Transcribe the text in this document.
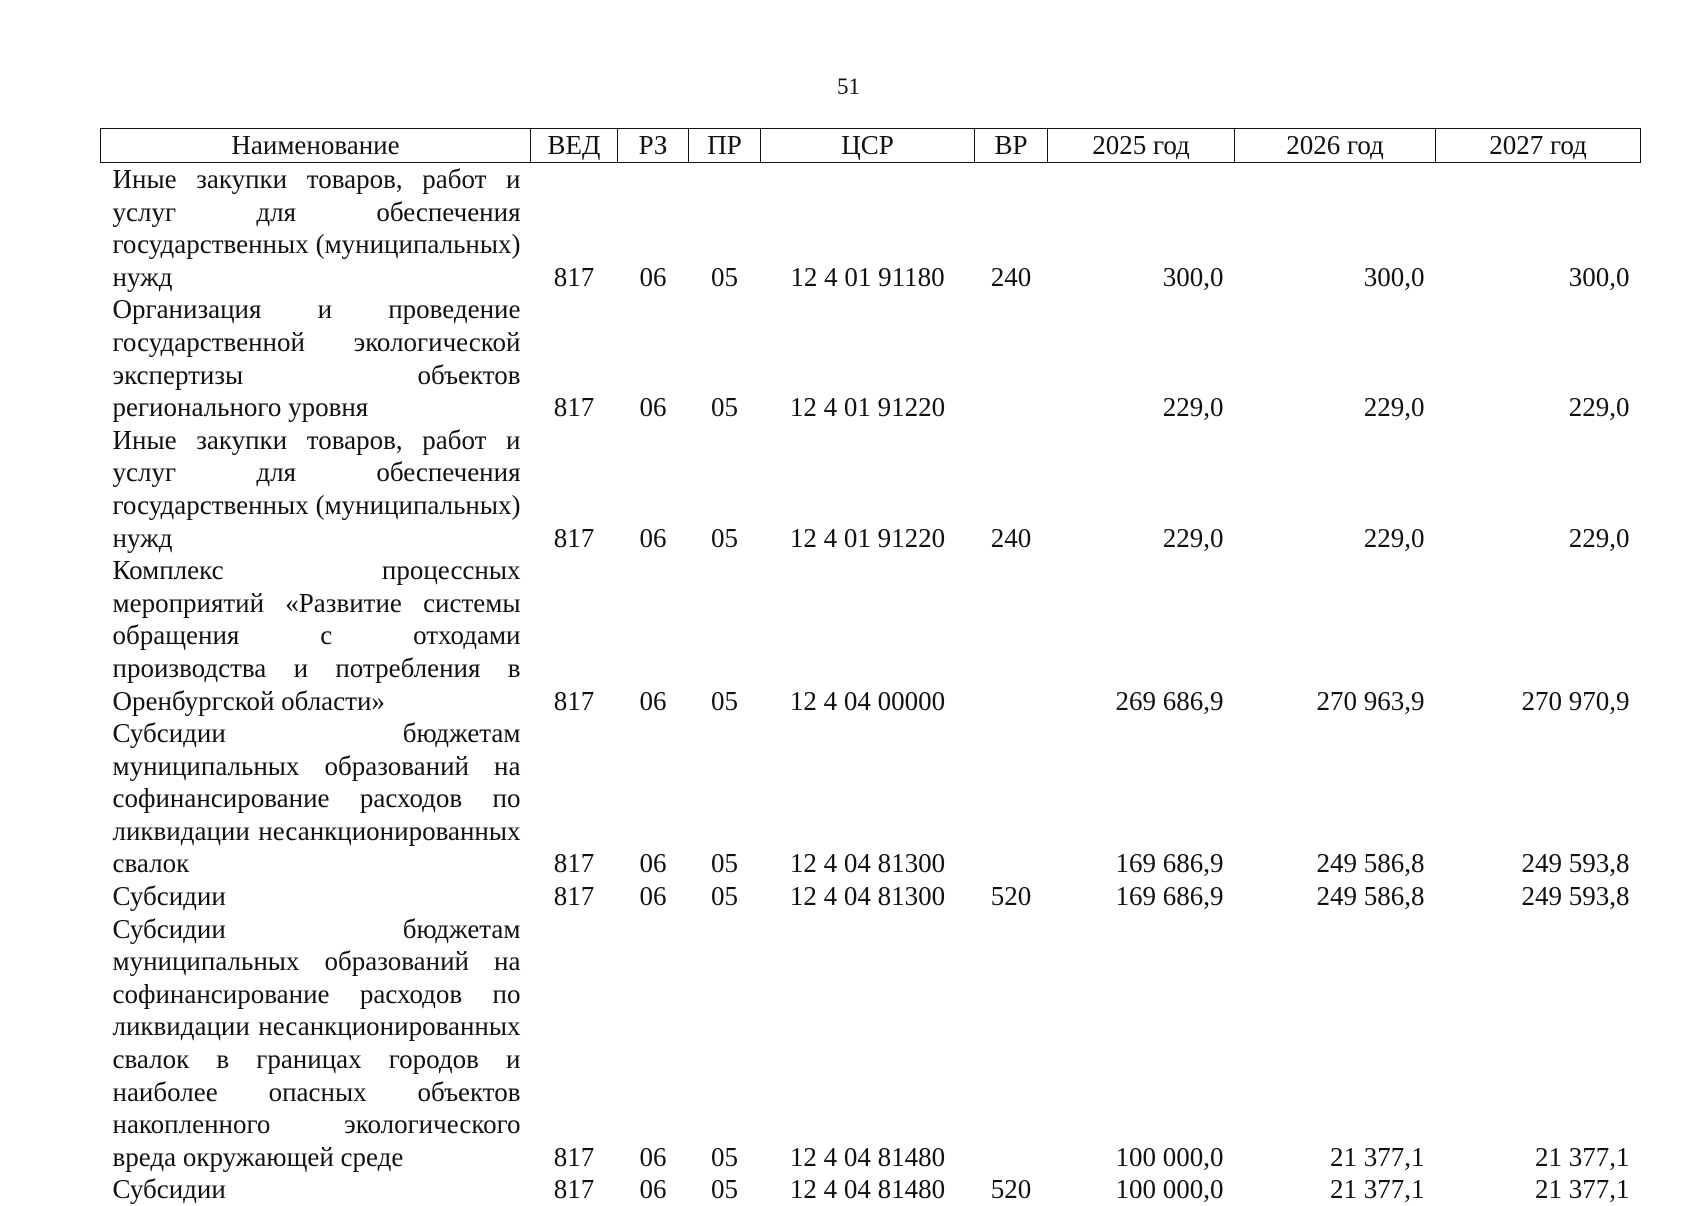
51
Наименование	ВЕД	РЗ	ПР	ЦСР	ВР	2025 год	2026 год	2027 год
Иные закупки товаров, работ и услуг для обеспечения государственных (муниципальных) нужд	817	06	05	12 4 01 91180	240	300,0	300,0	300,0
Организация и проведение государственной экологической экспертизы объектов регионального уровня	817	06	05	12 4 01 91220		229,0	229,0	229,0
Иные закупки товаров, работ и услуг для обеспечения государственных (муниципальных) нужд	817	06	05	12 4 01 91220	240	229,0	229,0	229,0
Комплекс процессных мероприятий «Развитие системы обращения с отходами производства и потребления в Оренбургской области»	817	06	05	12 4 04 00000		269 686,9	270 963,9	270 970,9
Субсидии бюджетам муниципальных образований на софинансирование расходов по ликвидации несанкционированных свалок	817	06	05	12 4 04 81300		169 686,9	249 586,8	249 593,8
Субсидии	817	06	05	12 4 04 81300	520	169 686,9	249 586,8	249 593,8
Субсидии бюджетам муниципальных образований на софинансирование расходов по ликвидации несанкционированных свалок в границах городов и наиболее опасных объектов накопленного экологического вреда окружающей среде	817	06	05	12 4 04 81480		100 000,0	21 377,1	21 377,1
Субсидии	817	06	05	12 4 04 81480	520	100 000,0	21 377,1	21 377,1
